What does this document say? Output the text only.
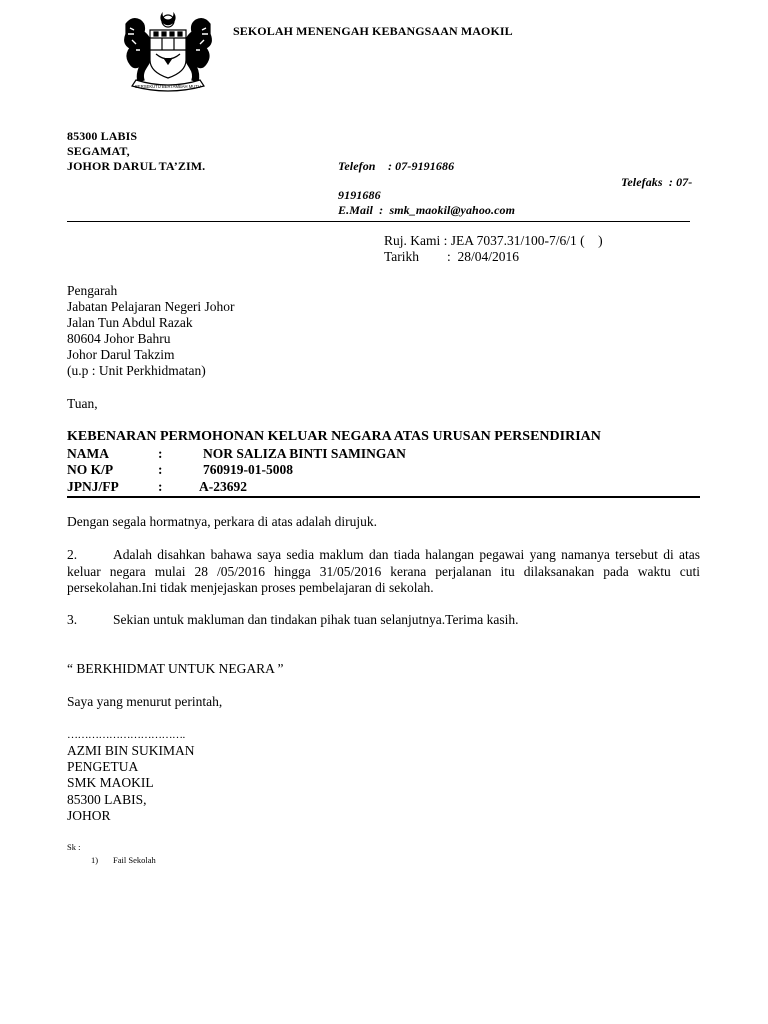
BERSEKUTU BERTAMBAH MUTU
SEKOLAH MENENGAH KEBANGSAAN MAOKIL
85300 LABIS
SEGAMAT,
JOHOR DARUL TA’ZIM.	Telefon    : 07-9191686
Telefaks  : 07-
9191686
E.Mail  :  smk_maokil@yahoo.com
Ruj. Kami : JEA 7037.31/100-7/6/1 (    )
Tarikh :  28/04/2016
Pengarah
Jabatan Pelajaran Negeri Johor
Jalan Tun Abdul Razak
80604 Johor Bahru
Johor Darul Takzim
(u.p : Unit Perkhidmatan)
Tuan,
KEBENARAN PERMOHONAN KELUAR NEGARA ATAS URUSAN PERSENDIRIAN
NAMA	:	NOR SALIZA BINTI SAMINGAN
NO K/P	:	760919-01-5008
JPNJ/FP	:	A-23692
Dengan segala hormatnya, perkara di atas adalah dirujuk.
2.	Adalah disahkan bahawa saya sedia maklum dan tiada halangan pegawai yang namanya tersebut di atas keluar negara mulai 28 /05/2016 hingga 31/05/2016 kerana perjalanan itu dilaksanakan pada waktu cuti persekolahan.Ini tidak menjejaskan proses pembelajaran di sekolah.
3.	Sekian untuk makluman dan tindakan pihak tuan selanjutnya.Terima kasih.
“ BERKHIDMAT UNTUK NEGARA ”
Saya yang menurut perintah,
…………………………….
AZMI BIN SUKIMAN
PENGETUA
SMK MAOKIL
85300 LABIS,
JOHOR
Sk :
1) Fail Sekolah
